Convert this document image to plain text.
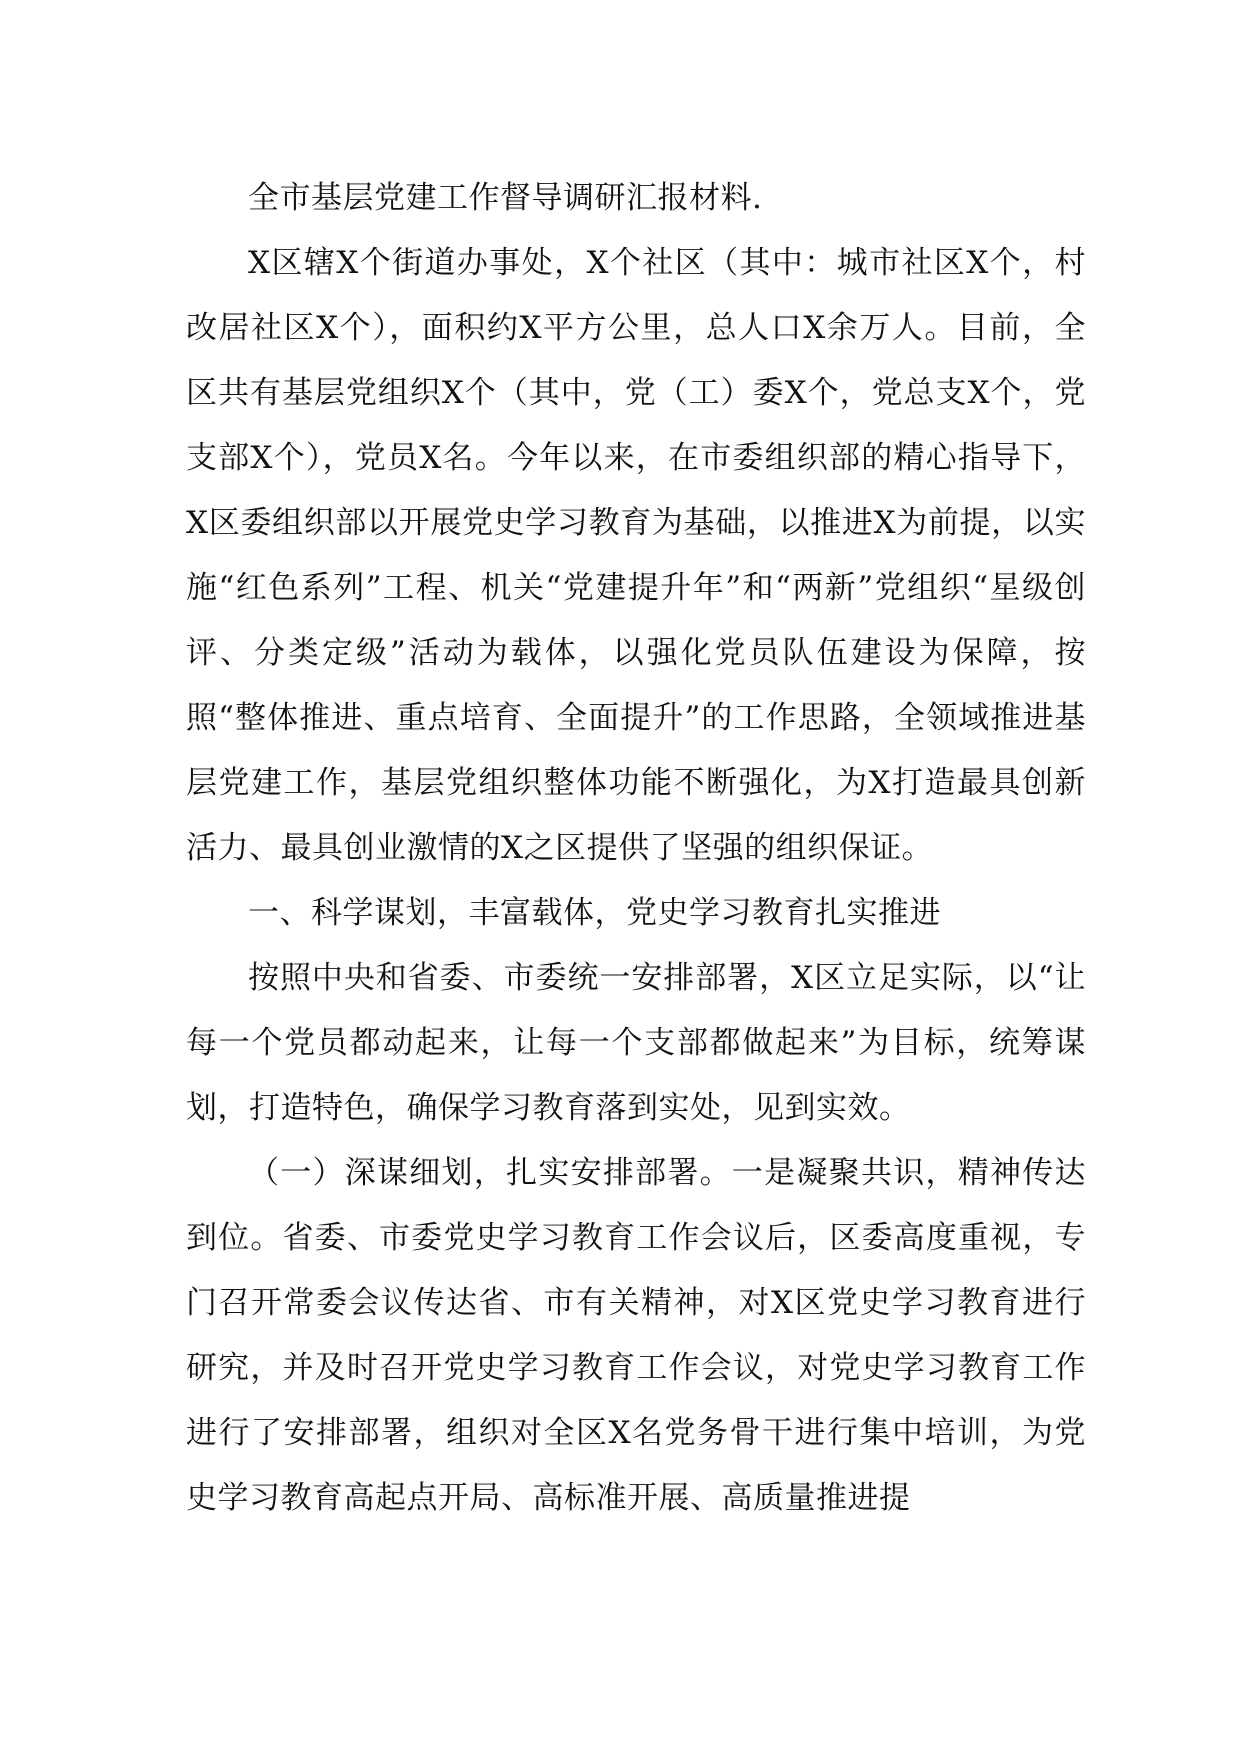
全市基层党建工作督导调研汇报材料.

X区辖X个街道办事处，X个社区（其中：城市社区X个，村改居社区X个），面积约X平方公里，总人口X余万人。目前，全区共有基层党组织X个（其中，党（工）委X个，党总支X个，党支部X个），党员X名。今年以来，在市委组织部的精心指导下，X区委组织部以开展党史学习教育为基础，以推进X为前提，以实施“红色系列”工程、机关“党建提升年”和“两新”党组织“星级创评、分类定级”活动为载体，以强化党员队伍建设为保障，按照“整体推进、重点培育、全面提升”的工作思路，全领域推进基层党建工作，基层党组织整体功能不断强化，为X打造最具创新活力、最具创业激情的X之区提供了坚强的组织保证。

一、科学谋划，丰富载体，党史学习教育扎实推进

按照中央和省委、市委统一安排部署，X区立足实际，以“让每一个党员都动起来，让每一个支部都做起来”为目标，统筹谋划，打造特色，确保学习教育落到实处，见到实效。

（一）深谋细划，扎实安排部署。一是凝聚共识，精神传达到位。省委、市委党史学习教育工作会议后，区委高度重视，专门召开常委会议传达省、市有关精神，对X区党史学习教育进行研究，并及时召开党史学习教育工作会议，对党史学习教育工作进行了安排部署，组织对全区X名党务骨干进行集中培训，为党史学习教育高起点开局、高标准开展、高质量推进提
